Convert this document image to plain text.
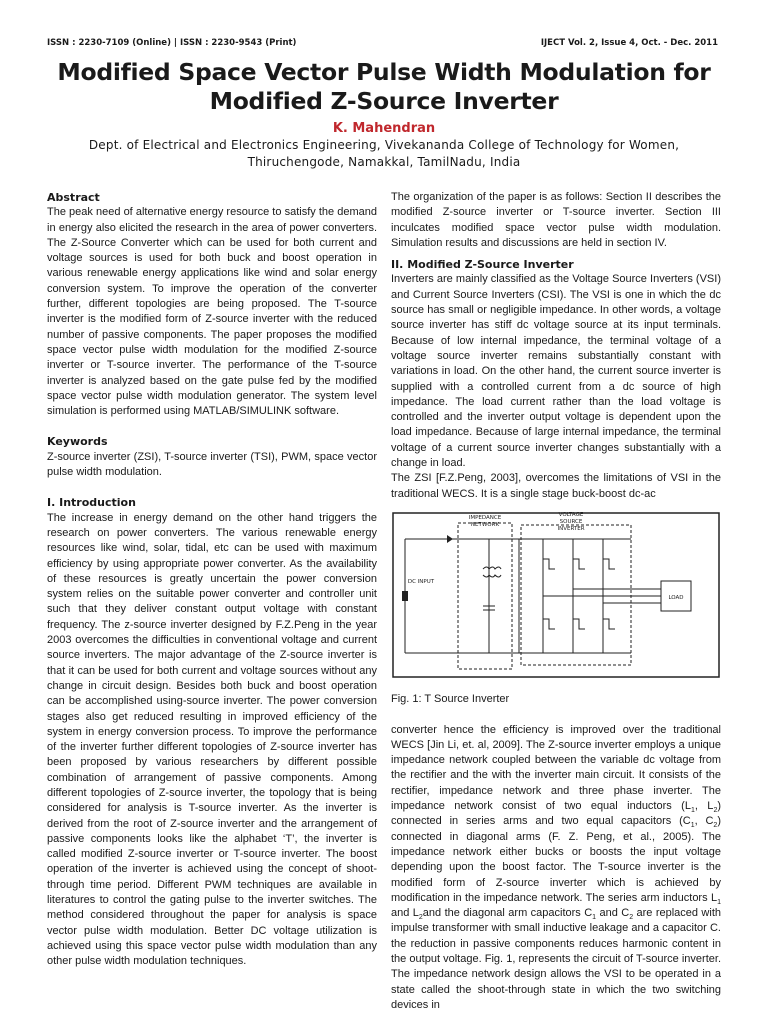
ISSN : 2230-7109 (Online) | ISSN : 2230-9543 (Print)	IJECT Vol. 2, Issue 4, Oct. - Dec. 2011
Modified Space Vector Pulse Width Modulation for
Modified Z-Source Inverter
K. Mahendran
Dept. of Electrical and Electronics Engineering, Vivekananda College of Technology for Women,
Thiruchengode, Namakkal, TamilNadu, India
Abstract

The peak need of alternative energy resource to satisfy the demand in energy also elicited the research in the area of power converters. The Z-Source Converter which can be used for both current and voltage sources is used for both buck and boost operation in various renewable energy applications like wind and solar energy conversion system. To improve the operation of the converter further, different topologies are being proposed. The T-source inverter is the modified form of Z-source inverter with the reduced number of passive components. The paper proposes the modified space vector pulse width modulation for the modified Z-source inverter or T-source inverter. The performance of the T-source inverter is analyzed based on the gate pulse fed by the modified space vector pulse width modulation generator. The system level simulation is performed using MATLAB/SIMULINK software.

Keywords

Z-source inverter (ZSI), T-source inverter (TSI), PWM, space vector pulse width modulation.

I. Introduction

The increase in energy demand on the other hand triggers the research on power converters. The various renewable energy resources like wind, solar, tidal, etc can be used with maximum efficiency by using appropriate power converter. As the availability of these resources is greatly uncertain the power conversion system relies on the suitable power converter and controller unit such that they deliver constant output voltage with constant frequency. The z-source inverter designed by F.Z.Peng in the year 2003 overcomes the difficulties in conventional voltage and current source inverters. The major advantage of the Z-source inverter is that it can be used for both current and voltage sources without any change in circuit design. Besides both buck and boost operation can be accomplished using-source inverter. The power conversion stages also get reduced resulting in improved efficiency of the system in energy conversion process. To improve the performance of the inverter further different topologies of Z-source inverter has been proposed by various researchers by different possible combination of arrangement of passive components. Among different topologies of Z-source inverter, the topology that is being considered for analysis is T-source inverter. As the inverter is derived from the root of Z-source inverter and the arrangement of passive components looks like the alphabet ‘T’, the inverter is called modified Z-source inverter or T-source inverter. The boost operation of the inverter is achieved using the concept of shoot-through time period. Different PWM techniques are available in literatures to control the gating pulse to the inverter switches. The method considered throughout the paper for analysis is space vector pulse width modulation. Better DC voltage utilization is achieved using this space vector pulse width modulation than any other pulse width modulation techniques.

The organization of the paper is as follows: Section II describes the modified Z-source inverter or T-source inverter. Section III inculcates modified space vector pulse width modulation. Simulation results and discussions are held in section IV.

II. Modified Z-Source Inverter

Inverters are mainly classified as the Voltage Source Inverters (VSI) and Current Source Inverters (CSI). The VSI is one in which the dc source has small or negligible impedance. In other words, a voltage source inverter has stiff dc voltage source at its input terminals. Because of low internal impedance, the terminal voltage of a voltage source inverter remains substantially constant with variations in load. On the other hand, the current source inverter is supplied with a controlled current from a dc source of high impedance. The load current rather than the load voltage is controlled and the inverter output voltage is dependent upon the load impedance. Because of large internal impedance, the terminal voltage of a current source inverter changes substantially with a change in load.

The ZSI [F.Z.Peng, 2003], overcomes the limitations of VSI in the traditional WECS. It is a single stage buck-boost dc-ac

IMPEDANCE
NETWORK
VOLTAGE
SOURCE
INVERTER
DC INPUT
LOAD

Fig. 1: T Source Inverter

converter hence the efficiency is improved over the traditional WECS [Jin Li, et. al, 2009]. The Z-source inverter employs a unique impedance network coupled between the variable dc voltage from the rectifier and the with the inverter main circuit. It consists of the rectifier, impedance network and three phase inverter. The impedance network consist of two equal inductors ($L_1$, $L_2$) connected in series arms and two equal capacitors ($C_1$, $C_2$) connected in diagonal arms (F. Z. Peng, et al., 2005). The impedance network either bucks or boosts the input voltage depending upon the boost factor. The T-source inverter is the modified form of Z-source inverter which is achieved by modification in the impedance network. The series arm inductors $L_1$ and $L_2and$ the diagonal arm capacitors $C_1$ and $C_2$ are replaced with impulse transformer with small inductive leakage and a capacitor C. the reduction in passive components reduces harmonic content in the output voltage. Fig. 1, represents the circuit of T-source inverter. The impedance network design allows the VSI to be operated in a state called the shoot-through state in which the two switching devices in
